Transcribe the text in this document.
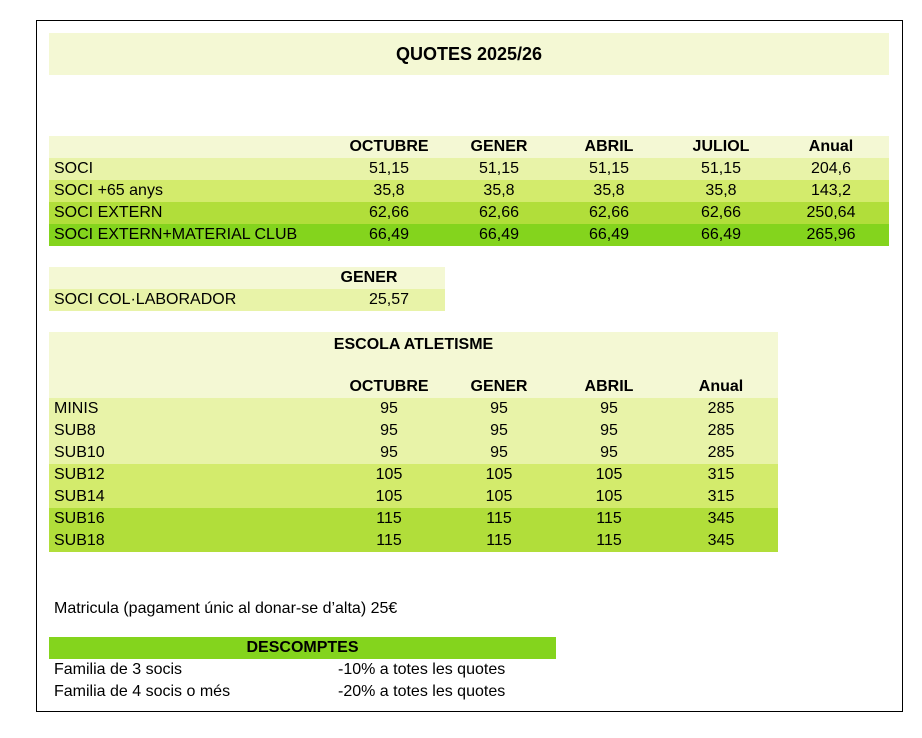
QUOTES 2025/26
OCTUBRE	GENER	ABRIL	JULIOL	Anual
SOCI	51,15	51,15	51,15	51,15	204,6
SOCI +65 anys	35,8	35,8	35,8	35,8	143,2
SOCI EXTERN	62,66	62,66	62,66	62,66	250,64
SOCI EXTERN+MATERIAL CLUB	66,49	66,49	66,49	66,49	265,96
GENER
SOCI COL·LABORADOR	25,57
ESCOLA ATLETISME
OCTUBRE	GENER	ABRIL	Anual
MINIS	95	95	95	285
SUB8	95	95	95	285
SUB10	95	95	95	285
SUB12	105	105	105	315
SUB14	105	105	105	315
SUB16	115	115	115	345
SUB18	115	115	115	345
Matricula (pagament únic al donar-se d’alta) 25€
DESCOMPTES
Familia de 3 socis	-10% a totes les quotes
Familia de 4 socis o més	-20% a totes les quotes
